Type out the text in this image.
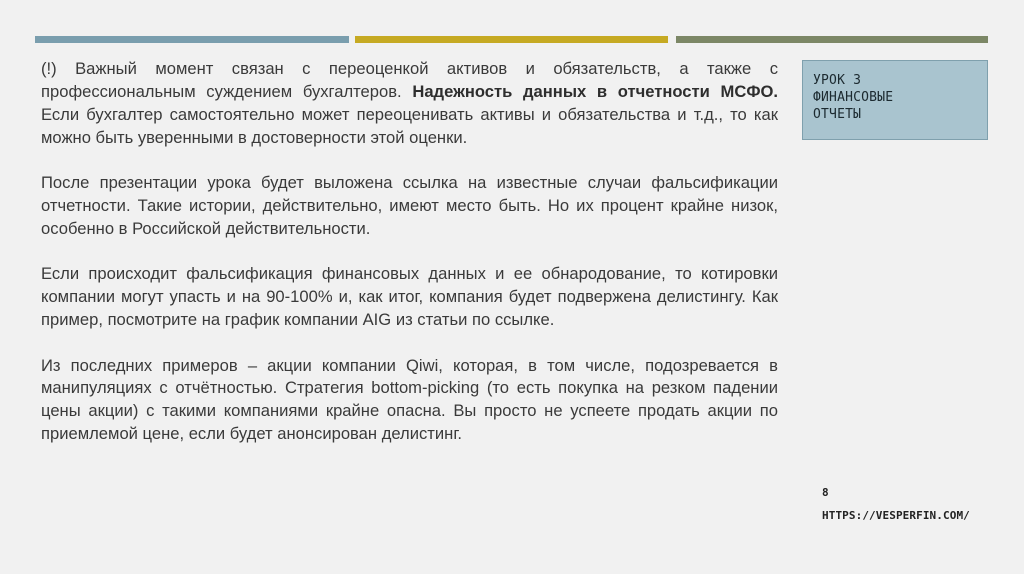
(!) Важный момент связан с переоценкой активов и обязательств, а также с профессиональным суждением бухгалтеров. Надежность данных в отчетности МСФО. Если бухгалтер самостоятельно может переоценивать активы и обязательства и т.д., то как можно быть уверенными в достоверности этой оценки.

После презентации урока будет выложена ссылка на известные случаи фальсификации отчетности. Такие истории, действительно, имеют место быть. Но их процент крайне низок, особенно в Российской действительности.

Если происходит фальсификация финансовых данных и ее обнародование, то котировки компании могут упасть и на 90-100% и, как итог, компания будет подвержена делистингу. Как пример, посмотрите на график компании AIG из статьи по ссылке.

Из последних примеров – акции компании Qiwi, которая, в том числе, подозревается в манипуляциях с отчётностью. Стратегия bottom-picking (то есть покупка на резком падении цены акции) с такими компаниями крайне опасна. Вы просто не успеете продать акции по приемлемой цене, если будет анонсирован делистинг.

УРОК 3
ФИНАНСОВЫЕ
ОТЧЕТЫ
8
HTTPS://VESPERFIN.COM/
